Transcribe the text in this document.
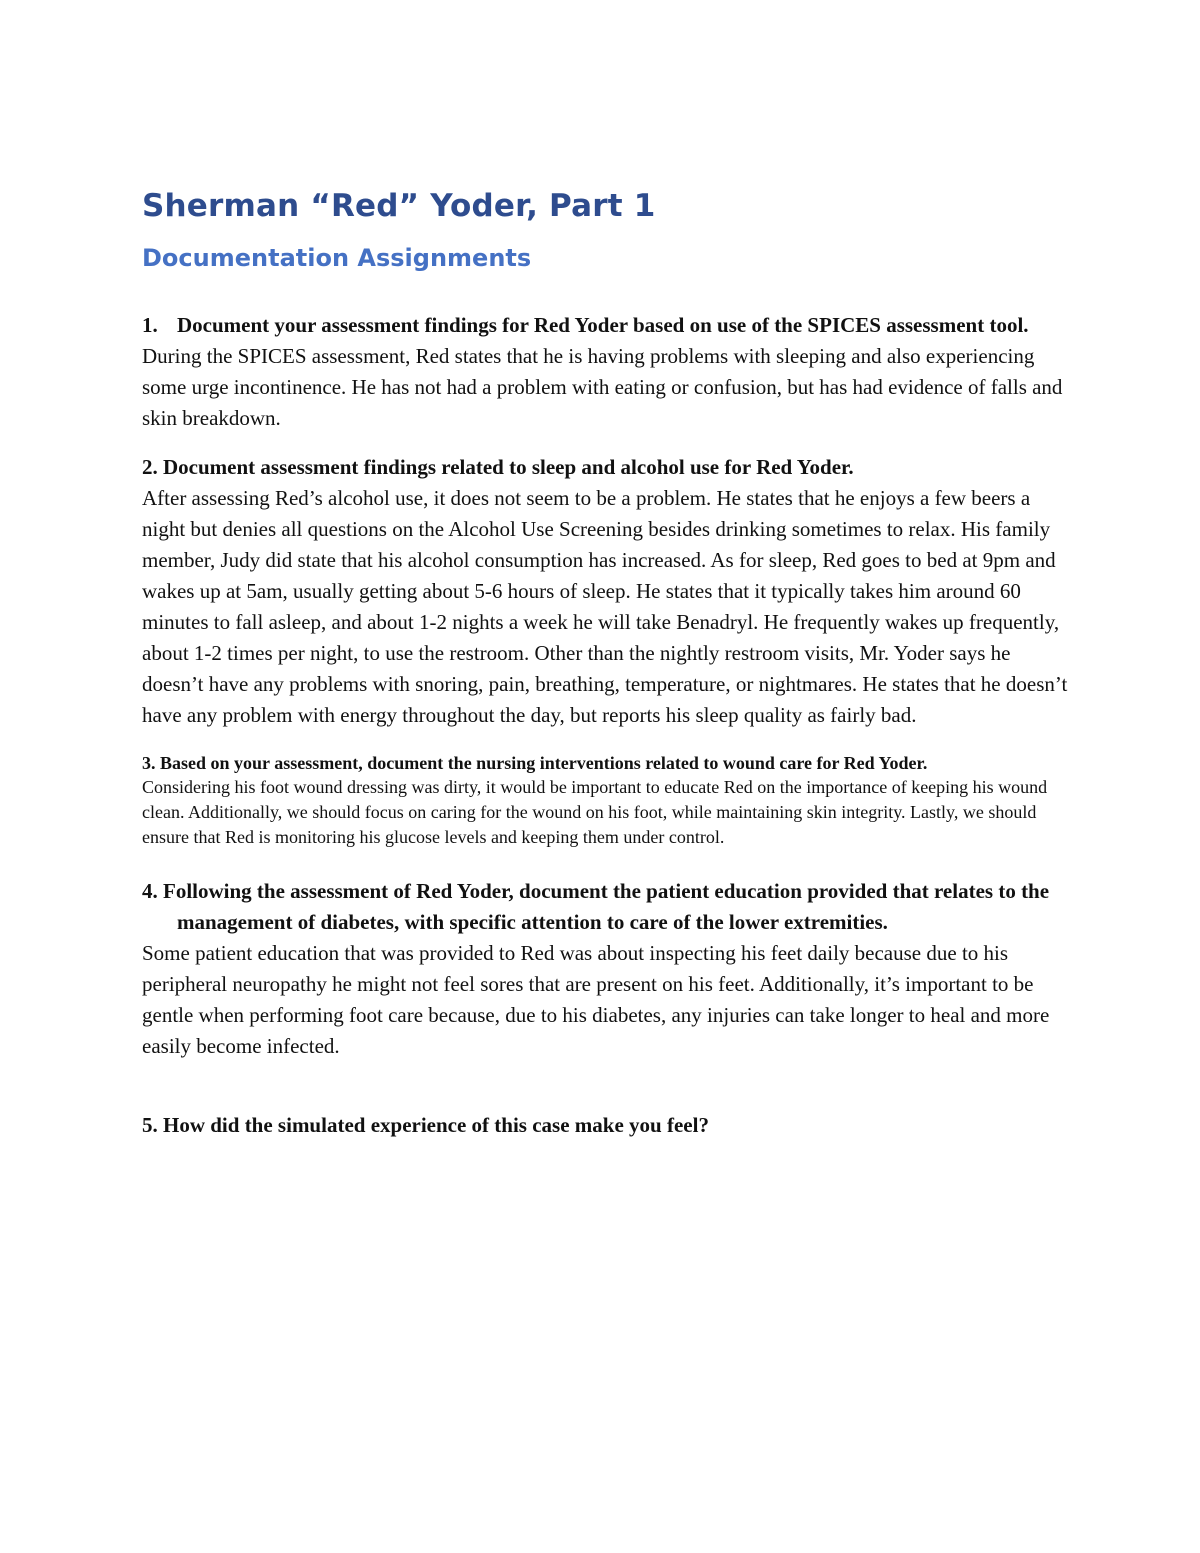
Sherman “Red” Yoder, Part 1
Documentation Assignments

1. Document your assessment findings for Red Yoder based on use of the SPICES assessment tool.

During the SPICES assessment, Red states that he is having problems with sleeping and also experiencing some urge incontinence. He has not had a problem with eating or confusion, but has had evidence of falls and skin breakdown.

2. Document assessment findings related to sleep and alcohol use for Red Yoder.

After assessing Red’s alcohol use, it does not seem to be a problem. He states that he enjoys a few beers a night but denies all questions on the Alcohol Use Screening besides drinking sometimes to relax. His family member, Judy did state that his alcohol consumption has increased. As for sleep, Red goes to bed at 9pm and wakes up at 5am, usually getting about 5-6 hours of sleep. He states that it typically takes him around 60 minutes to fall asleep, and about 1-2 nights a week he will take Benadryl. He frequently wakes up frequently, about 1-2 times per night, to use the restroom. Other than the nightly restroom visits, Mr. Yoder says he doesn’t have any problems with snoring, pain, breathing, temperature, or nightmares. He states that he doesn’t have any problem with energy throughout the day, but reports his sleep quality as fairly bad.

3. Based on your assessment, document the nursing interventions related to wound care for Red Yoder.

Considering his foot wound dressing was dirty, it would be important to educate Red on the importance of keeping his wound clean. Additionally, we should focus on caring for the wound on his foot, while maintaining skin integrity. Lastly, we should ensure that Red is monitoring his glucose levels and keeping them under control.

4. Following the assessment of Red Yoder, document the patient education provided that relates to the management of diabetes, with specific attention to care of the lower extremities.

Some patient education that was provided to Red was about inspecting his feet daily because due to his peripheral neuropathy he might not feel sores that are present on his feet. Additionally, it’s important to be gentle when performing foot care because, due to his diabetes, any injuries can take longer to heal and more easily become infected.

5. How did the simulated experience of this case make you feel?
